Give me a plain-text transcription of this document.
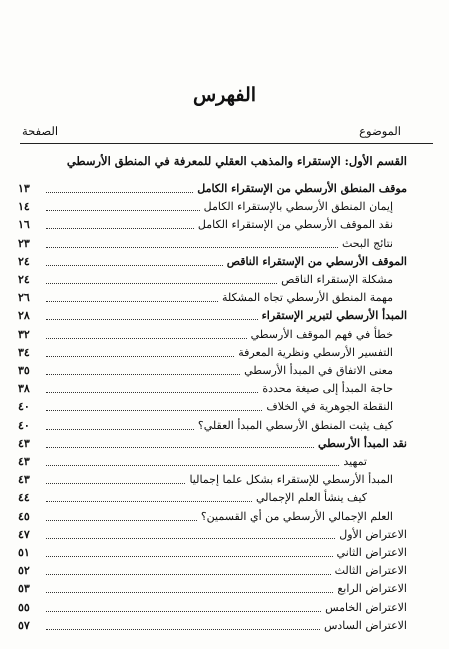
الفهرس
الموضوع
الصفحة
القسم الأول: الإستقراء والمذهب العقلي للمعرفة في المنطق الأرسطي
موقف المنطق الأرسطي من الإستقراء الكامل
١٣
إيمان المنطق الأرسطي بالإستقراء الكامل
١٤
نقد الموقف الأرسطي من الإستقراء الكامل
١٦
نتائج البحث
٢٣
الموقف الأرسطي من الإستقراء الناقص
٢٤
مشكلة الإستقراء الناقص
٢٤
مهمة المنطق الأرسطي تجاه المشكلة
٢٦
المبدأ الأرسطي لتبرير الإستقراء
٢٨
خطأ في فهم الموقف الأرسطي
٣٢
التفسير الأرسطي ونظرية المعرفة
٣٤
معنى الاتفاق في المبدأ الأرسطي
٣٥
حاجة المبدأ إلى صيغة محددة
٣٨
النقطة الجوهرية في الخلاف
٤٠
كيف يثبت المنطق الأرسطي المبدأ العقلي؟
٤٠
نقد المبدأ الأرسطي
٤٣
تمهيد
٤٣
المبدأ الأرسطي للإستقراء بشكل علما إجماليا
٤٣
كيف ينشأ العلم الإجمالي
٤٤
العلم الإجمالي الأرسطي من أي القسمين؟
٤٥
الاعتراض الأول
٤٧
الاعتراض الثاني
٥١
الاعتراض الثالث
٥٢
الاعتراض الرابع
٥٣
الاعتراض الخامس
٥٥
الاعتراض السادس
٥٧
